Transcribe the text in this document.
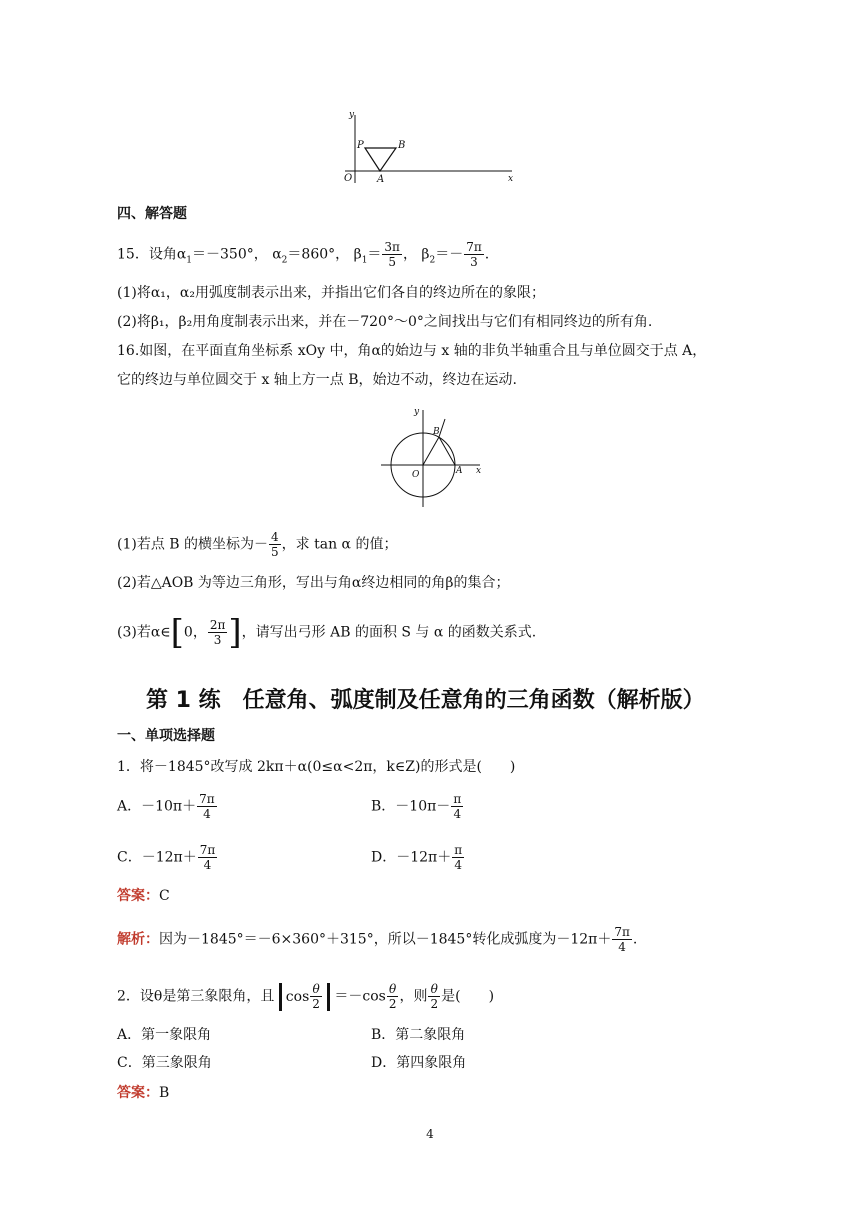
y
x
O
P
A
B
四、解答题
15．设角$\alpha_1=-350^\circ$， $\alpha_2=860^\circ$， $\beta_1= \frac{3\pi}{5}$ ， $\beta_2=- \frac{7\pi}{3}$ .
(1)将α₁，α₂用弧度制表示出来，并指出它们各自的终边所在的象限；
(2)将β₁，β₂用角度制表示出来，并在－720°～0°之间找出与它们有相同终边的所有角.
16.如图，在平面直角坐标系 xOy 中，角α的始边与 x 轴的非负半轴重合且与单位圆交于点 A，
它的终边与单位圆交于 x 轴上方一点 B，始边不动，终边在运动.
y
x
O	A
B
(1)若点 B 的横坐标为－ $\frac{4}{5}$ ，求 tan α 的值；
(2)若△AOB 为等边三角形，写出与角α终边相同的角β的集合；
(3)若α∈[0， $\frac{2\pi}{3}$ ]，请写出弓形 AB 的面积 S 与 α 的函数关系式.
第 1 练　任意角、弧度制及任意角的三角函数（解析版）
一、单项选择题
1．将－1845°改写成 2kπ＋α(0≤α<2π，k∈Z)的形式是(　　)
A．$-10\pi+ \frac{7\pi}{4}$	B．$-10\pi- \frac{\pi}{4}$
C．$-12\pi+ \frac{7\pi}{4}$	D．$-12\pi+ \frac{\pi}{4}$
答案：C
解析：因为－1845°＝－6×360°＋315°，所以－1845°转化成弧度为$-12\pi+ \frac{7\pi}{4}$ .
2．设θ是第三象限角，且 $\cos \frac{\theta}{2} =-\cos \frac{\theta}{2}$ ，则 $\frac{\theta}{2}$ 是(　　)
A．第一象限角	B．第二象限角
C．第三象限角	D．第四象限角
答案：B
4
